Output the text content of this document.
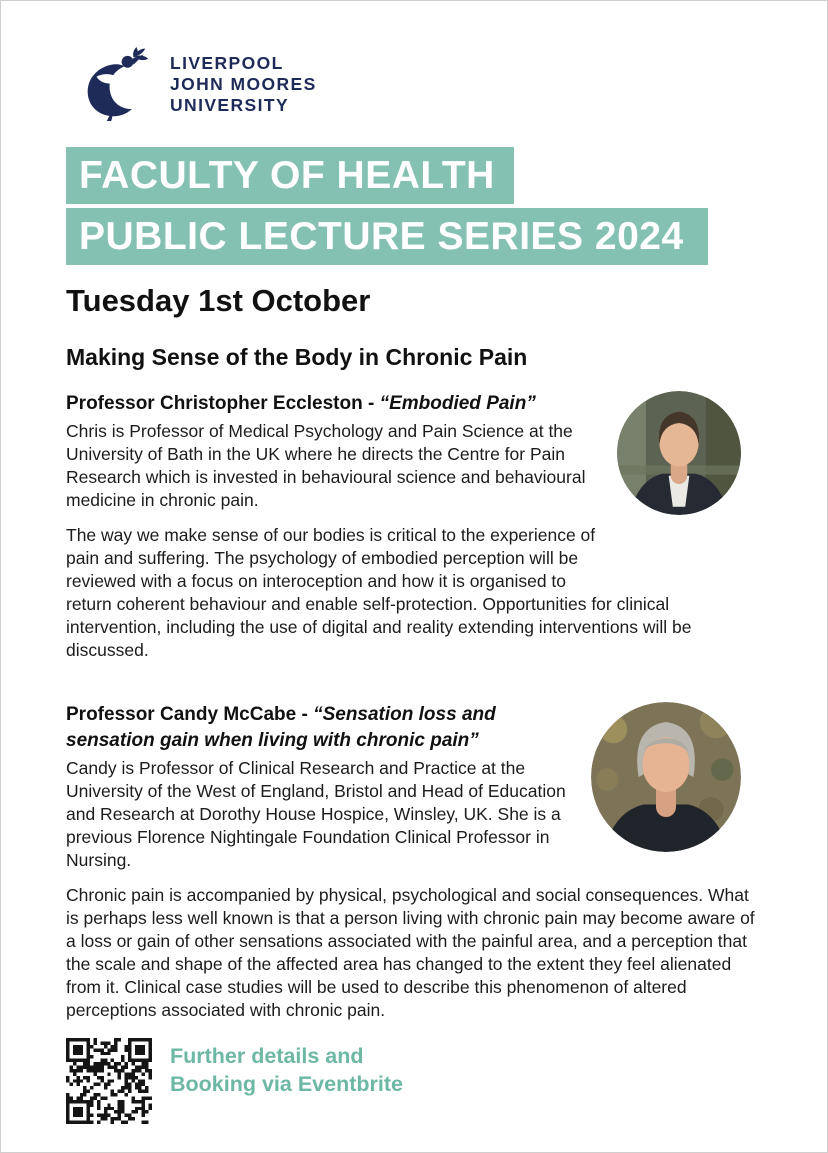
LIVERPOOL
JOHN MOORES
UNIVERSITY
FACULTY OF HEALTH
PUBLIC LECTURE SERIES 2024
Tuesday 1st October
Making Sense of the Body in Chronic Pain

Professor Christopher Eccleston - “Embodied Pain”

Chris is Professor of Medical Psychology and Pain Science at the University of Bath in the UK where he directs the Centre for Pain Research which is invested in behavioural science and behavioural medicine in chronic pain.

The way we make sense of our bodies is critical to the experience of pain and suffering. The psychology of embodied perception will be reviewed with a focus on interoception and how it is organised to return coherent behaviour and enable self-protection. Opportunities for clinical intervention, including the use of digital and reality extending interventions will be discussed.

Professor Candy McCabe - “Sensation loss and sensation gain when living with chronic pain”

Candy is Professor of Clinical Research and Practice at the University of the West of England, Bristol and Head of Education and Research at Dorothy House Hospice, Winsley, UK. She is a previous Florence Nightingale Foundation Clinical Professor in Nursing.

Chronic pain is accompanied by physical, psychological and social consequences. What is perhaps less well known is that a person living with chronic pain may become aware of a loss or gain of other sensations associated with the painful area, and a perception that the scale and shape of the affected area has changed to the extent they feel alienated from it. Clinical case studies will be used to describe this phenomenon of altered perceptions associated with chronic pain.

Further details and
Booking via Eventbrite
